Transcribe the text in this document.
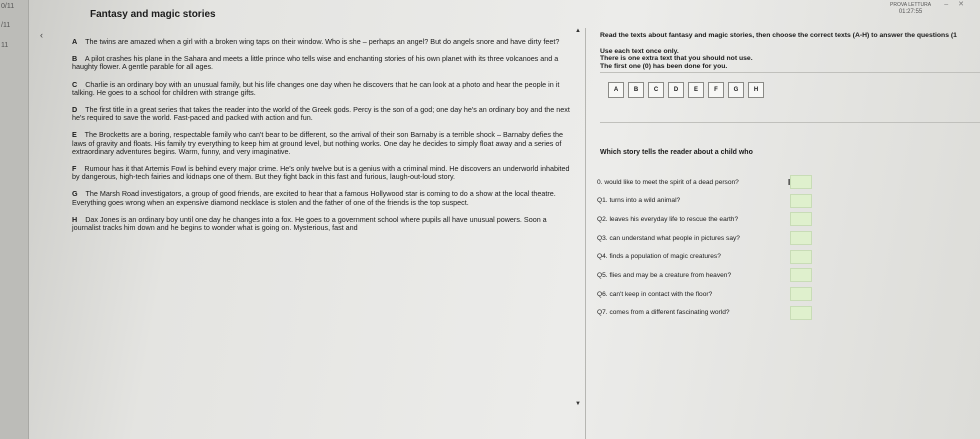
0/11
/11
11
Fantasy and magic stories
‹
PROVA LETTURA
01:27:55
–✕
A The twins are amazed when a girl with a broken wing taps on their window. Who is she – perhaps an angel? But do angels snore and have dirty feet?
B A pilot crashes his plane in the Sahara and meets a little prince who tells wise and enchanting stories of his own planet with its three volcanoes and a haughty flower. A gentle parable for all ages.
C Charlie is an ordinary boy with an unusual family, but his life changes one day when he discovers that he can look at a photo and hear the people in it talking. He goes to a school for children with strange gifts.
D The first title in a great series that takes the reader into the world of the Greek gods. Percy is the son of a god; one day he's an ordinary boy and the next he's required to save the world. Fast-paced and packed with action and fun.
E The Brocketts are a boring, respectable family who can't bear to be different, so the arrival of their son Barnaby is a terrible shock – Barnaby defies the laws of gravity and floats. His family try everything to keep him at ground level, but nothing works. One day he decides to simply float away and a series of extraordinary adventures begins. Warm, funny, and very imaginative.
F Rumour has it that Artemis Fowl is behind every major crime. He's only twelve but is a genius with a criminal mind. He discovers an underworld inhabited by dangerous, high-tech fairies and kidnaps one of them. But they fight back in this fast and furious, laugh-out-loud story.
G The Marsh Road investigators, a group of good friends, are excited to hear that a famous Hollywood star is coming to do a show at the local theatre. Everything goes wrong when an expensive diamond necklace is stolen and the father of one of the friends is the top suspect.
H Dax Jones is an ordinary boy until one day he changes into a fox. He goes to a government school where pupils all have unusual powers. Soon a journalist tracks him down and he begins to wonder what is going on. Mysterious, fast and
▲
▼
Read the texts about fantasy and magic stories, then choose the correct texts (A-H) to answer the questions (1
Use each text once only.
There is one extra text that you should not use.
The first one (0) has been done for you.
A	B	C	D	E	F	G	H
Which story tells the reader about a child who
0. would like to meet the spirit of a dead person?
Q1. turns into a wild animal?
Q2. leaves his everyday life to rescue the earth?
Q3. can understand what people in pictures say?
Q4. finds a population of magic creatures?
Q5. flies and may be a creature from heaven?
Q6. can't keep in contact with the floor?
Q7. comes from a different fascinating world?
I
